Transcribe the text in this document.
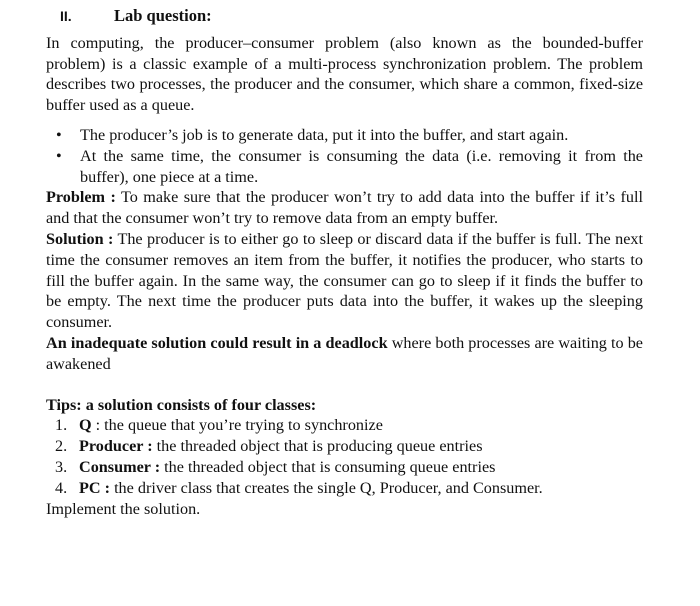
II.	Lab question:

In computing, the producer–consumer problem (also known as the bounded-buffer problem) is a classic example of a multi-process synchronization problem. The problem describes two processes, the producer and the consumer, which share a common, fixed-size buffer used as a queue.

• The producer’s job is to generate data, put it into the buffer, and start again.
• At the same time, the consumer is consuming the data (i.e. removing it from the buffer), one piece at a time.

Problem : To make sure that the producer won’t try to add data into the buffer if it’s full and that the consumer won’t try to remove data from an empty buffer.

Solution : The producer is to either go to sleep or discard data if the buffer is full. The next time the consumer removes an item from the buffer, it notifies the producer, who starts to fill the buffer again. In the same way, the consumer can go to sleep if it finds the buffer to be empty. The next time the producer puts data into the buffer, it wakes up the sleeping consumer.

An inadequate solution could result in a deadlock where both processes are waiting to be awakened

Tips: a solution consists of four classes:

1. Q : the queue that you’re trying to synchronize
2. Producer : the threaded object that is producing queue entries
3. Consumer : the threaded object that is consuming queue entries
4. PC : the driver class that creates the single Q, Producer, and Consumer.

Implement the solution.
